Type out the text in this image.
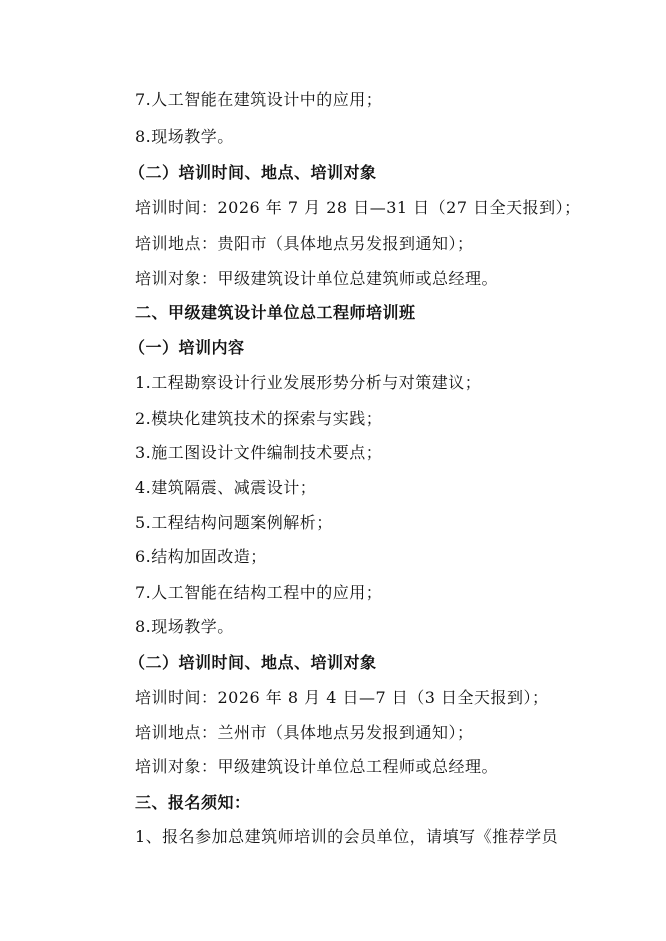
7.人工智能在建筑设计中的应用；
8.现场教学。
（二）培训时间、地点、培训对象
培训时间：2026 年 7 月 28 日—31 日（27 日全天报到）；
培训地点：贵阳市（具体地点另发报到通知）；
培训对象：甲级建筑设计单位总建筑师或总经理。
二、甲级建筑设计单位总工程师培训班
（一）培训内容
1.工程勘察设计行业发展形势分析与对策建议；
2.模块化建筑技术的探索与实践；
3.施工图设计文件编制技术要点；
4.建筑隔震、减震设计；
5.工程结构问题案例解析；
6.结构加固改造；
7.人工智能在结构工程中的应用；
8.现场教学。
（二）培训时间、地点、培训对象
培训时间：2026 年 8 月 4 日—7 日（3 日全天报到）；
培训地点：兰州市（具体地点另发报到通知）；
培训对象：甲级建筑设计单位总工程师或总经理。
三、报名须知：
1、报名参加总建筑师培训的会员单位，请填写《推荐学员
